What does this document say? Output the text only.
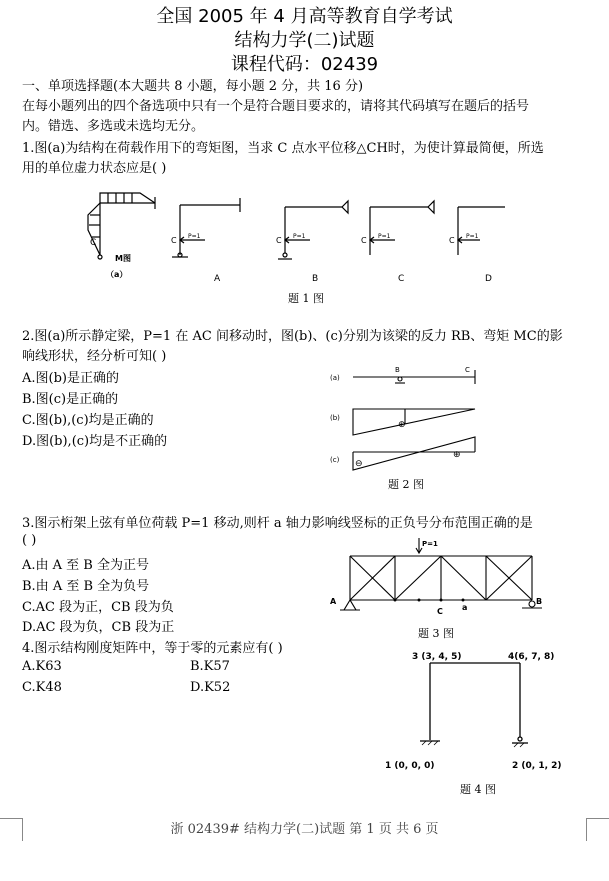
全国 2005 年 4 月高等教育自学考试
结构力学(二)试题
课程代码：02439
一、单项选择题(本大题共 8 小题，每小题 2 分，共 16 分)
在每小题列出的四个备选项中只有一个是符合题目要求的，请将其代码填写在题后的括号
内。错选、多选或未选均无分。
1.图(a)为结构在荷载作用下的弯矩图，当求 C 点水平位移△CH时，为使计算最简便，所选
用的单位虚力状态应是( )
C
M图
（a）
C P=1
A
C P=1
B
C P=1
C
C P=1
D
题 1 图
2.图(a)所示静定梁，P=1 在 AC 间移动时，图(b)、(c)分别为该梁的反力 RB、弯矩 MC的影
响线形状，经分析可知( )
A.图(b)是正确的
B.图(c)是正确的
C.图(b),(c)均是正确的
D.图(b),(c)均是不正确的
(a)
B	C
(b)
(c)
⊕
⊕
⊖
题 2 图
3.图示桁架上弦有单位荷载 P=1 移动,则杆 a 轴力影响线竖标的正负号分布范围正确的是
( )
A.由 A 至 B 全为正号
B.由 A 至 B 全为负号
C.AC 段为正，CB 段为负
D.AC 段为负，CB 段为正
P=1
A	B
C a
题 3 图
4.图示结构刚度矩阵中，等于零的元素应有( )
A.K63	B.K57
C.K48	D.K52
3 (3, 4, 5)	4(6, 7, 8)
1 (0, 0, 0)	2 (0, 1, 2)
题 4 图
浙 02439# 结构力学(二)试题 第 1 页 共 6 页
